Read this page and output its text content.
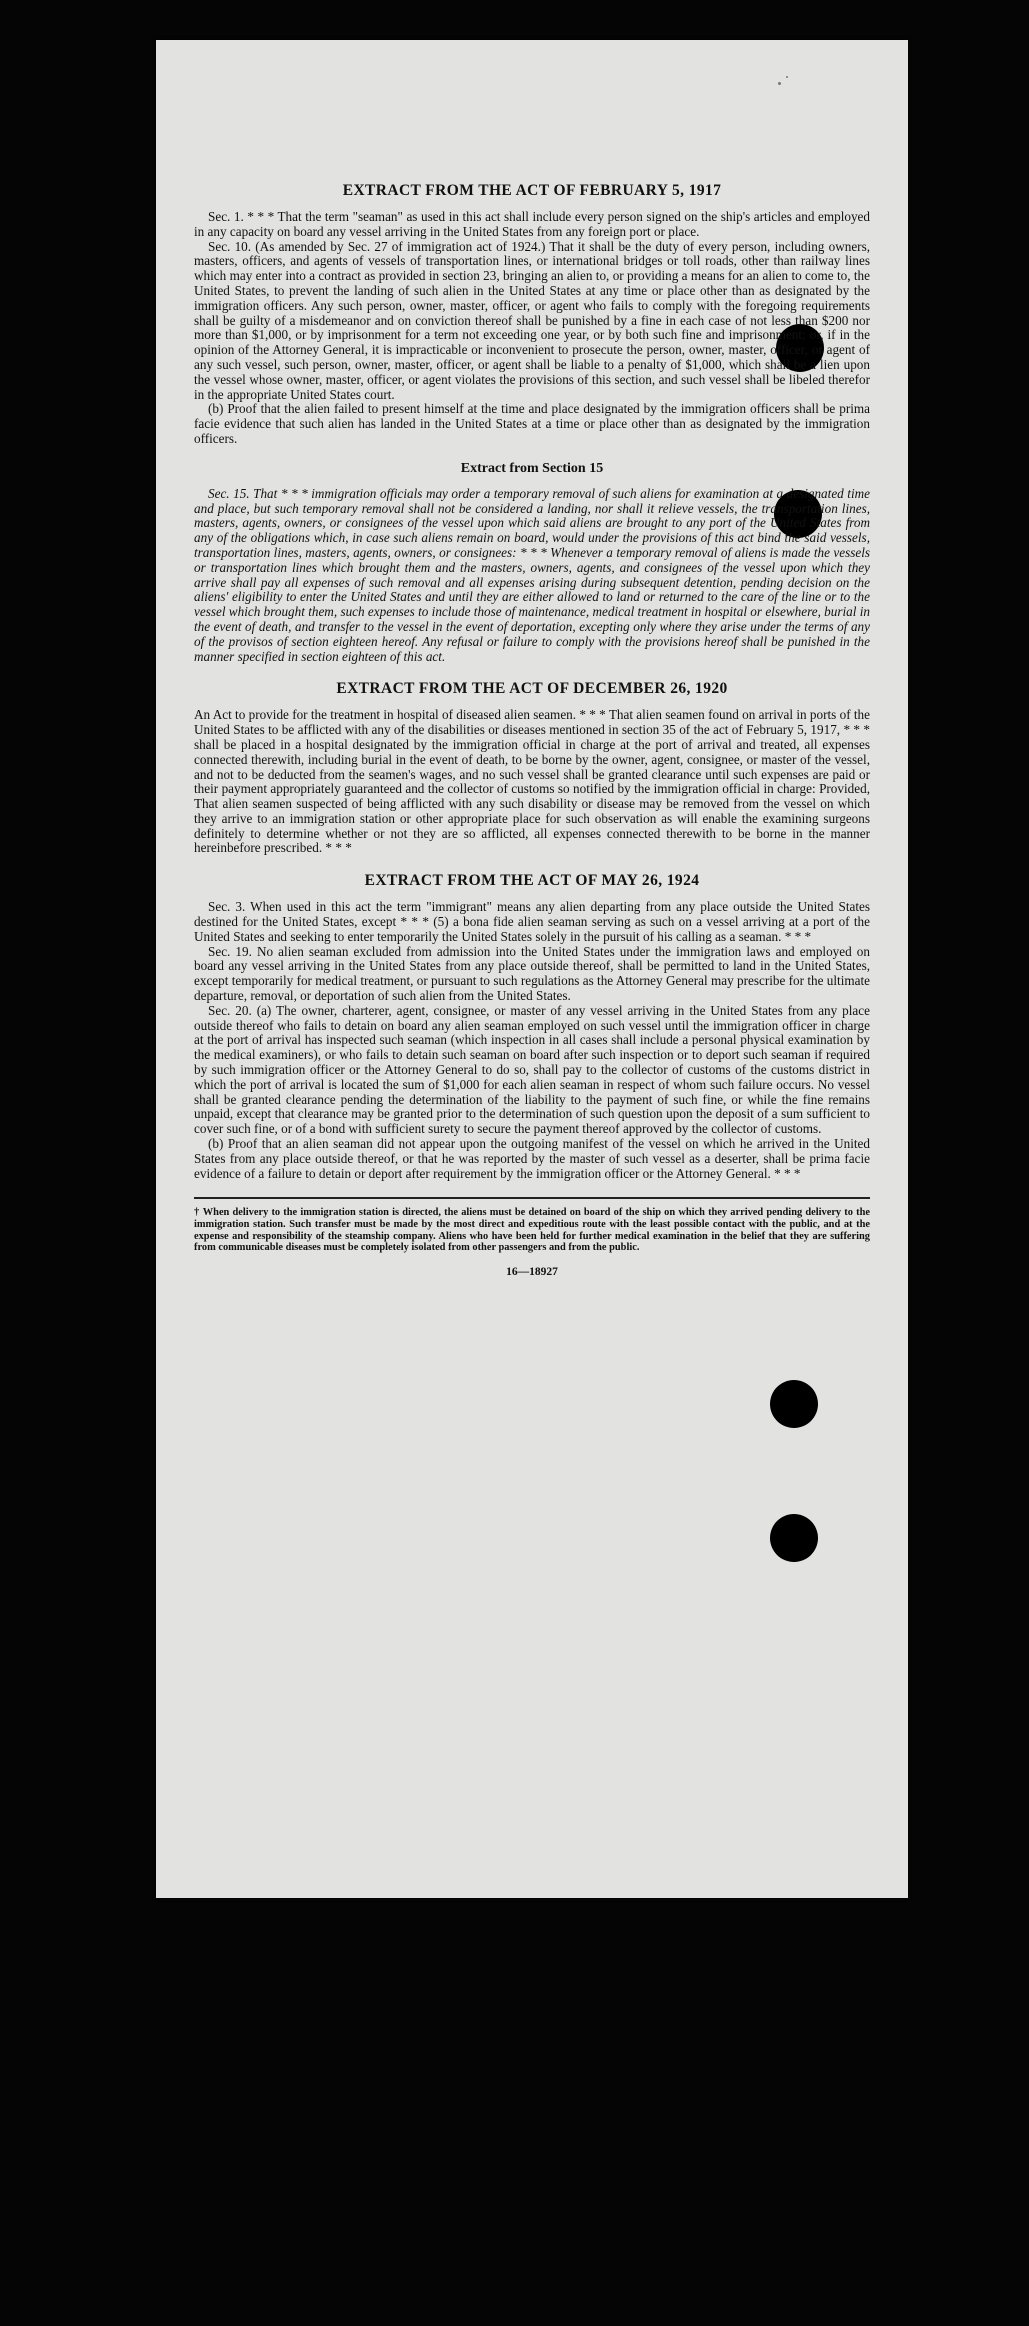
EXTRACT FROM THE ACT OF FEBRUARY 5, 1917

Sec. 1. * * * That the term "seaman" as used in this act shall include every person signed on the ship's articles and employed in any capacity on board any vessel arriving in the United States from any foreign port or place.

Sec. 10. (As amended by Sec. 27 of immigration act of 1924.) That it shall be the duty of every person, including owners, masters, officers, and agents of vessels of transportation lines, or international bridges or toll roads, other than railway lines which may enter into a contract as provided in section 23, bringing an alien to, or providing a means for an alien to come to, the United States, to prevent the landing of such alien in the United States at any time or place other than as designated by the immigration officers. Any such person, owner, master, officer, or agent who fails to comply with the foregoing requirements shall be guilty of a misdemeanor and on conviction thereof shall be punished by a fine in each case of not less than $200 nor more than $1,000, or by imprisonment for a term not exceeding one year, or by both such fine and imprisonment; or, if in the opinion of the Attorney General, it is impracticable or inconvenient to prosecute the person, owner, master, officer, or agent of any such vessel, such person, owner, master, officer, or agent shall be liable to a penalty of $1,000, which shall be a lien upon the vessel whose owner, master, officer, or agent violates the provisions of this section, and such vessel shall be libeled therefor in the appropriate United States court.

(b) Proof that the alien failed to present himself at the time and place designated by the immigration officers shall be prima facie evidence that such alien has landed in the United States at a time or place other than as designated by the immigration officers.

Extract from Section 15

Sec. 15. That * * * immigration officials may order a temporary removal of such aliens for examination at a designated time and place, but such temporary removal shall not be considered a landing, nor shall it relieve vessels, the transportation lines, masters, agents, owners, or consignees of the vessel upon which said aliens are brought to any port of the United States from any of the obligations which, in case such aliens remain on board, would under the provisions of this act bind the said vessels, transportation lines, masters, agents, owners, or consignees: * * * Whenever a temporary removal of aliens is made the vessels or transportation lines which brought them and the masters, owners, agents, and consignees of the vessel upon which they arrive shall pay all expenses of such removal and all expenses arising during subsequent detention, pending decision on the aliens' eligibility to enter the United States and until they are either allowed to land or returned to the care of the line or to the vessel which brought them, such expenses to include those of maintenance, medical treatment in hospital or elsewhere, burial in the event of death, and transfer to the vessel in the event of deportation, excepting only where they arise under the terms of any of the provisos of section eighteen hereof. Any refusal or failure to comply with the provisions hereof shall be punished in the manner specified in section eighteen of this act.

EXTRACT FROM THE ACT OF DECEMBER 26, 1920

An Act to provide for the treatment in hospital of diseased alien seamen. * * * That alien seamen found on arrival in ports of the United States to be afflicted with any of the disabilities or diseases mentioned in section 35 of the act of February 5, 1917, * * * shall be placed in a hospital designated by the immigration official in charge at the port of arrival and treated, all expenses connected therewith, including burial in the event of death, to be borne by the owner, agent, consignee, or master of the vessel, and not to be deducted from the seamen's wages, and no such vessel shall be granted clearance until such expenses are paid or their payment appropriately guaranteed and the collector of customs so notified by the immigration official in charge: Provided, That alien seamen suspected of being afflicted with any such disability or disease may be removed from the vessel on which they arrive to an immigration station or other appropriate place for such observation as will enable the examining surgeons definitely to determine whether or not they are so afflicted, all expenses connected therewith to be borne in the manner hereinbefore prescribed. * * *

EXTRACT FROM THE ACT OF MAY 26, 1924

Sec. 3. When used in this act the term "immigrant" means any alien departing from any place outside the United States destined for the United States, except * * * (5) a bona fide alien seaman serving as such on a vessel arriving at a port of the United States and seeking to enter temporarily the United States solely in the pursuit of his calling as a seaman. * * *

Sec. 19. No alien seaman excluded from admission into the United States under the immigration laws and employed on board any vessel arriving in the United States from any place outside thereof, shall be permitted to land in the United States, except temporarily for medical treatment, or pursuant to such regulations as the Attorney General may prescribe for the ultimate departure, removal, or deportation of such alien from the United States.

Sec. 20. (a) The owner, charterer, agent, consignee, or master of any vessel arriving in the United States from any place outside thereof who fails to detain on board any alien seaman employed on such vessel until the immigration officer in charge at the port of arrival has inspected such seaman (which inspection in all cases shall include a personal physical examination by the medical examiners), or who fails to detain such seaman on board after such inspection or to deport such seaman if required by such immigration officer or the Attorney General to do so, shall pay to the collector of customs of the customs district in which the port of arrival is located the sum of $1,000 for each alien seaman in respect of whom such failure occurs. No vessel shall be granted clearance pending the determination of the liability to the payment of such fine, or while the fine remains unpaid, except that clearance may be granted prior to the determination of such question upon the deposit of a sum sufficient to cover such fine, or of a bond with sufficient surety to secure the payment thereof approved by the collector of customs.

(b) Proof that an alien seaman did not appear upon the outgoing manifest of the vessel on which he arrived in the United States from any place outside thereof, or that he was reported by the master of such vessel as a deserter, shall be prima facie evidence of a failure to detain or deport after requirement by the immigration officer or the Attorney General. * * *

† When delivery to the immigration station is directed, the aliens must be detained on board of the ship on which they arrived pending delivery to the immigration station. Such transfer must be made by the most direct and expeditious route with the least possible contact with the public, and at the expense and responsibility of the steamship company. Aliens who have been held for further medical examination in the belief that they are suffering from communicable diseases must be completely isolated from other passengers and from the public.

16—18927
